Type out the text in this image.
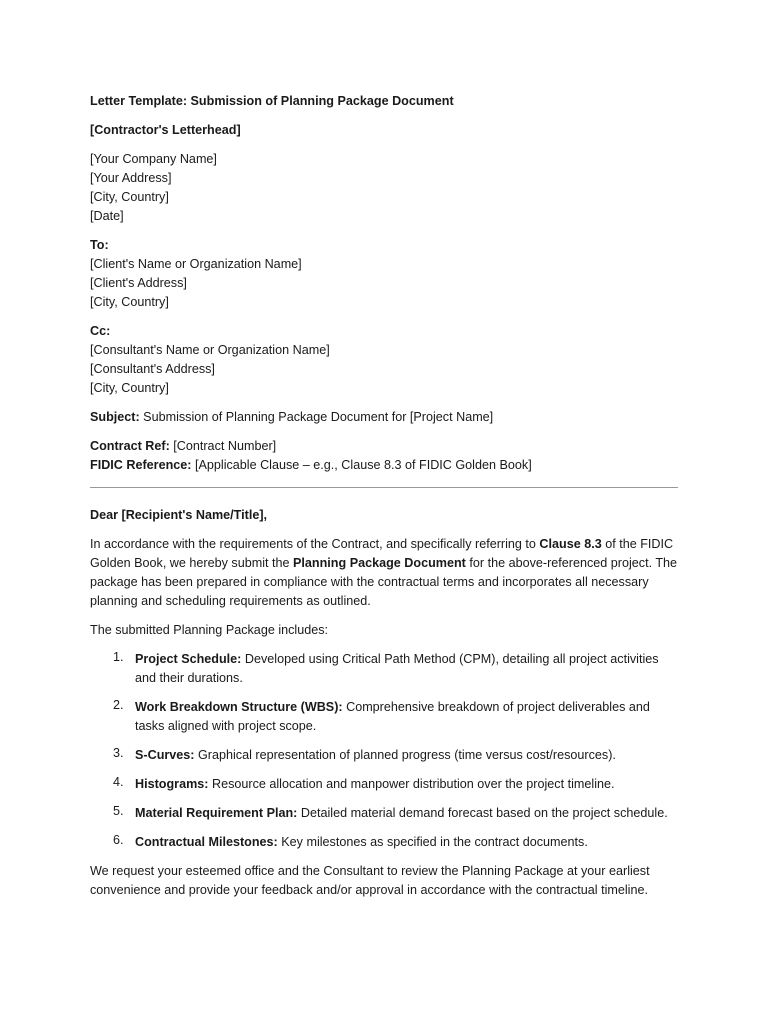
Letter Template: Submission of Planning Package Document
[Contractor's Letterhead]
[Your Company Name]
[Your Address]
[City, Country]
[Date]
To:
[Client's Name or Organization Name]
[Client's Address]
[City, Country]
Cc:
[Consultant's Name or Organization Name]
[Consultant's Address]
[City, Country]
Subject: Submission of Planning Package Document for [Project Name]
Contract Ref: [Contract Number]
FIDIC Reference: [Applicable Clause – e.g., Clause 8.3 of FIDIC Golden Book]
Dear [Recipient's Name/Title],
In accordance with the requirements of the Contract, and specifically referring to Clause 8.3 of the FIDIC
Golden Book, we hereby submit the Planning Package Document for the above-referenced project. The
package has been prepared in compliance with the contractual terms and incorporates all necessary
planning and scheduling requirements as outlined.
The submitted Planning Package includes:
1. Project Schedule: Developed using Critical Path Method (CPM), detailing all project activities and their durations.
2. Work Breakdown Structure (WBS): Comprehensive breakdown of project deliverables and tasks aligned with project scope.
3. S-Curves: Graphical representation of planned progress (time versus cost/resources).
4. Histograms: Resource allocation and manpower distribution over the project timeline.
5. Material Requirement Plan: Detailed material demand forecast based on the project schedule.
6. Contractual Milestones: Key milestones as specified in the contract documents.
We request your esteemed office and the Consultant to review the Planning Package at your earliest
convenience and provide your feedback and/or approval in accordance with the contractual timeline.
